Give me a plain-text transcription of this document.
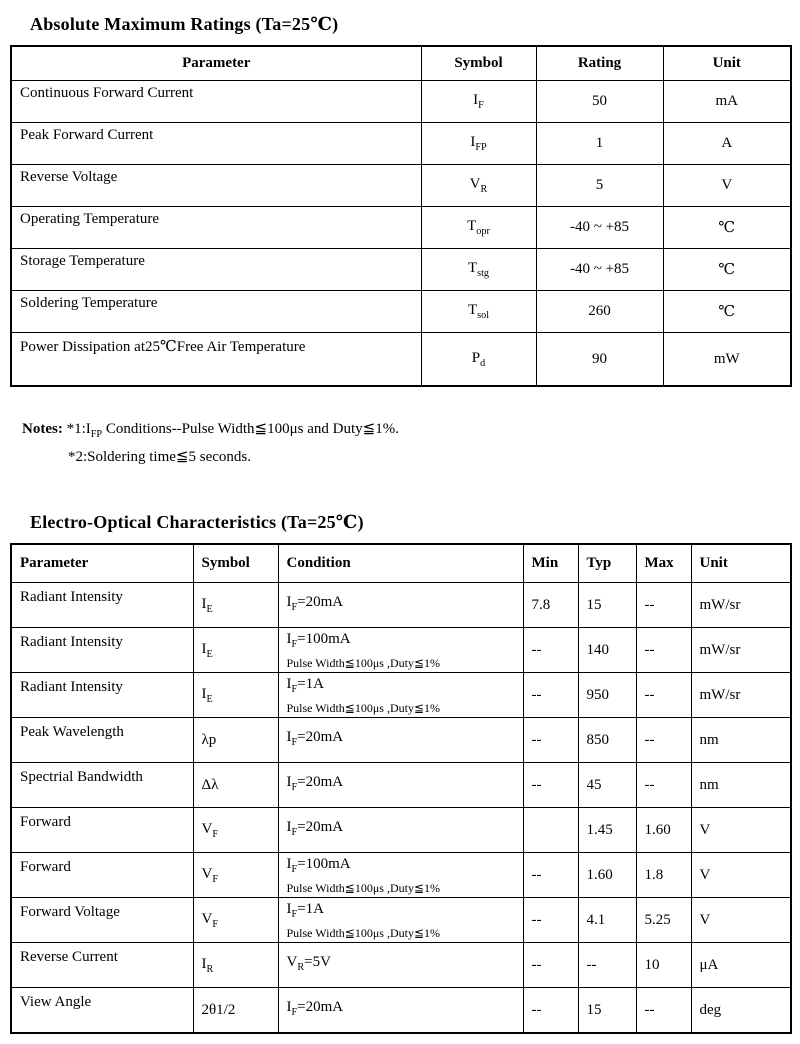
Absolute Maximum Ratings (Ta=25℃)
Parameter	Symbol	Rating	Unit
Continuous Forward Current	$I_F$	50	mA
Peak Forward Current	$I_{FP}$	1	A
Reverse Voltage	$V_R$	5	V
Operating Temperature	$T_{opr}$	-40 ~ +85	℃
Storage Temperature	$T_{stg}$	-40 ~ +85	℃
Soldering Temperature	$T_{sol}$	260	℃
Power Dissipation at25℃Free Air Temperature	$P_d$	90	mW
Notes: $*1:I_{FP}$ Conditions--Pulse Width≦100μs and Duty≦1%.
*2:Soldering time≦5 seconds.
Electro-Optical Characteristics (Ta=25℃)
Parameter	Symbol	Condition	Min	Typ	Max	Unit
Radiant Intensity	$I_E$	$I_F=20mA$	7.8	15	--	mW/sr
Radiant Intensity	$I_E$	$I_F=100mA$
Pulse Width≦100μs ,Duty≦1%	--	140	--	mW/sr
Radiant Intensity	$I_E$	$I_F=1A$
Pulse Width≦100μs ,Duty≦1%	--	950	--	mW/sr
Peak Wavelength	λp	$I_F=20mA$	--	850	--	nm
Spectrial Bandwidth	Δλ	$I_F=20mA$	--	45	--	nm
Forward	$V_F$	$I_F=20mA$		1.45	1.60	V
Forward	$V_F$	$I_F=100mA$
Pulse Width≦100μs ,Duty≦1%	--	1.60	1.8	V
Forward Voltage	$V_F$	$I_F=1A$
Pulse Width≦100μs ,Duty≦1%	--	4.1	5.25	V
Reverse Current	$I_R$	$V_R=5V$	--	--	10	μA
View Angle	2θ1/2	$I_F=20mA$	--	15	--	deg
